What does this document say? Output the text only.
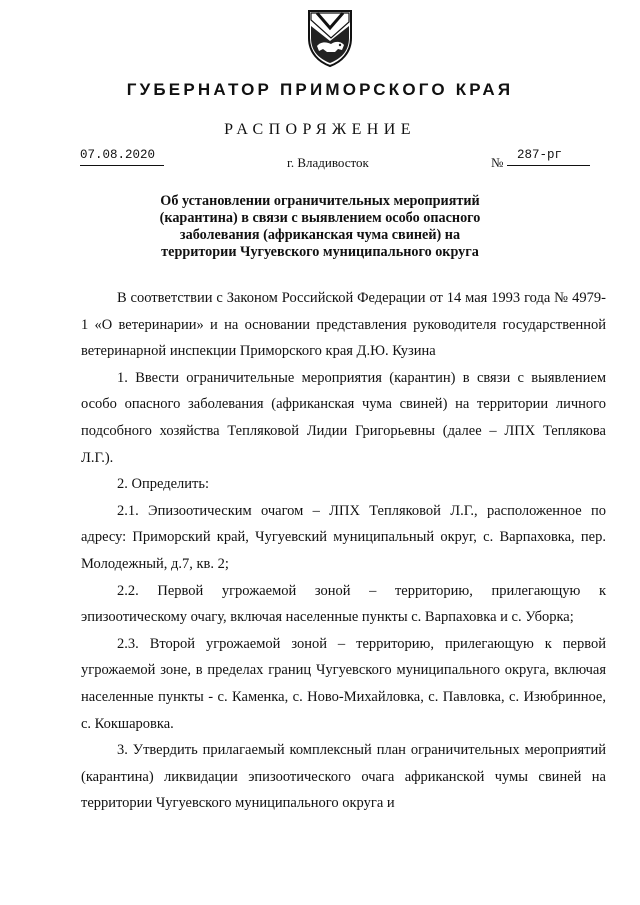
ГУБЕРНАТОР ПРИМОРСКОГО КРАЯ
РАСПОРЯЖЕНИЕ
07.08.2020	г. Владивосток	№	287-рг
Об установлении ограничительных мероприятий (карантина) в связи с выявлением особо опасного заболевания (африканская чума свиней) на территории Чугуевского муниципального округа

В соответствии с Законом Российской Федерации от 14 мая 1993 года № 4979-1 «О ветеринарии» и на основании представления руководителя государственной ветеринарной инспекции Приморского края Д.Ю. Кузина

1. Ввести ограничительные мероприятия (карантин) в связи с выявлением особо опасного заболевания (африканская чума свиней) на территории личного подсобного хозяйства Тепляковой Лидии Григорьевны (далее – ЛПХ Теплякова Л.Г.).

2. Определить:

2.1. Эпизоотическим очагом – ЛПХ Тепляковой Л.Г., расположенное по адресу: Приморский край, Чугуевский муниципальный округ, с. Варпаховка, пер. Молодежный, д.7, кв. 2;

2.2. Первой угрожаемой зоной – территорию, прилегающую к эпизоотическому очагу, включая населенные пункты с. Варпаховка и с. Уборка;

2.3. Второй угрожаемой зоной – территорию, прилегающую к первой угрожаемой зоне, в пределах границ Чугуевского муниципального округа, включая населенные пункты - с. Каменка, с. Ново-Михайловка, с. Павловка, с. Изюбринное, с. Кокшаровка.

3. Утвердить прилагаемый комплексный план ограничительных мероприятий (карантина) ликвидации эпизоотического очага африканской чумы свиней на территории Чугуевского муниципального округа и
